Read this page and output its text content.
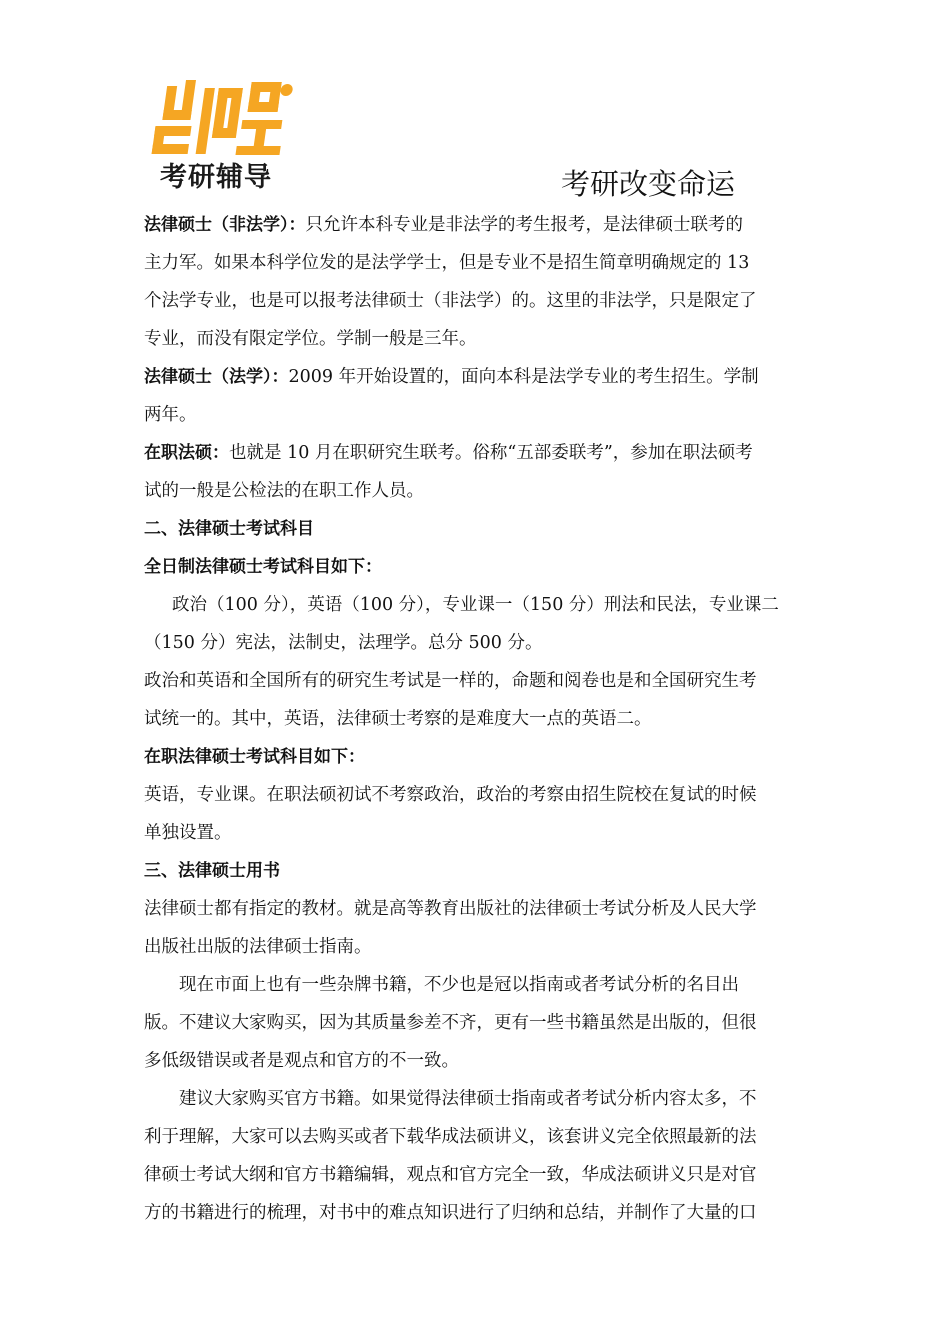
考研辅导	考研改变命运

法律硕士（非法学）：只允许本科专业是非法学的考生报考，是法律硕士联考的

主力军。如果本科学位发的是法学学士，但是专业不是招生简章明确规定的 13

个法学专业，也是可以报考法律硕士（非法学）的。这里的非法学，只是限定了

专业，而没有限定学位。学制一般是三年。

法律硕士（法学）：2009 年开始设置的，面向本科是法学专业的考生招生。学制

两年。

在职法硕：也就是 10 月在职研究生联考。俗称“五部委联考”，参加在职法硕考

试的一般是公检法的在职工作人员。

二、法律硕士考试科目

全日制法律硕士考试科目如下：

政治（100 分），英语（100 分），专业课一（150 分）刑法和民法，专业课二

（150 分）宪法，法制史，法理学。总分 500 分。

政治和英语和全国所有的研究生考试是一样的，命题和阅卷也是和全国研究生考

试统一的。其中，英语，法律硕士考察的是难度大一点的英语二。

在职法律硕士考试科目如下：

英语，专业课。在职法硕初试不考察政治，政治的考察由招生院校在复试的时候

单独设置。

三、法律硕士用书

法律硕士都有指定的教材。就是高等教育出版社的法律硕士考试分析及人民大学

出版社出版的法律硕士指南。

现在市面上也有一些杂牌书籍，不少也是冠以指南或者考试分析的名目出

版。不建议大家购买，因为其质量参差不齐，更有一些书籍虽然是出版的，但很

多低级错误或者是观点和官方的不一致。

建议大家购买官方书籍。如果觉得法律硕士指南或者考试分析内容太多，不

利于理解，大家可以去购买或者下载华成法硕讲义，该套讲义完全依照最新的法

律硕士考试大纲和官方书籍编辑，观点和官方完全一致，华成法硕讲义只是对官

方的书籍进行的梳理，对书中的难点知识进行了归纳和总结，并制作了大量的口
